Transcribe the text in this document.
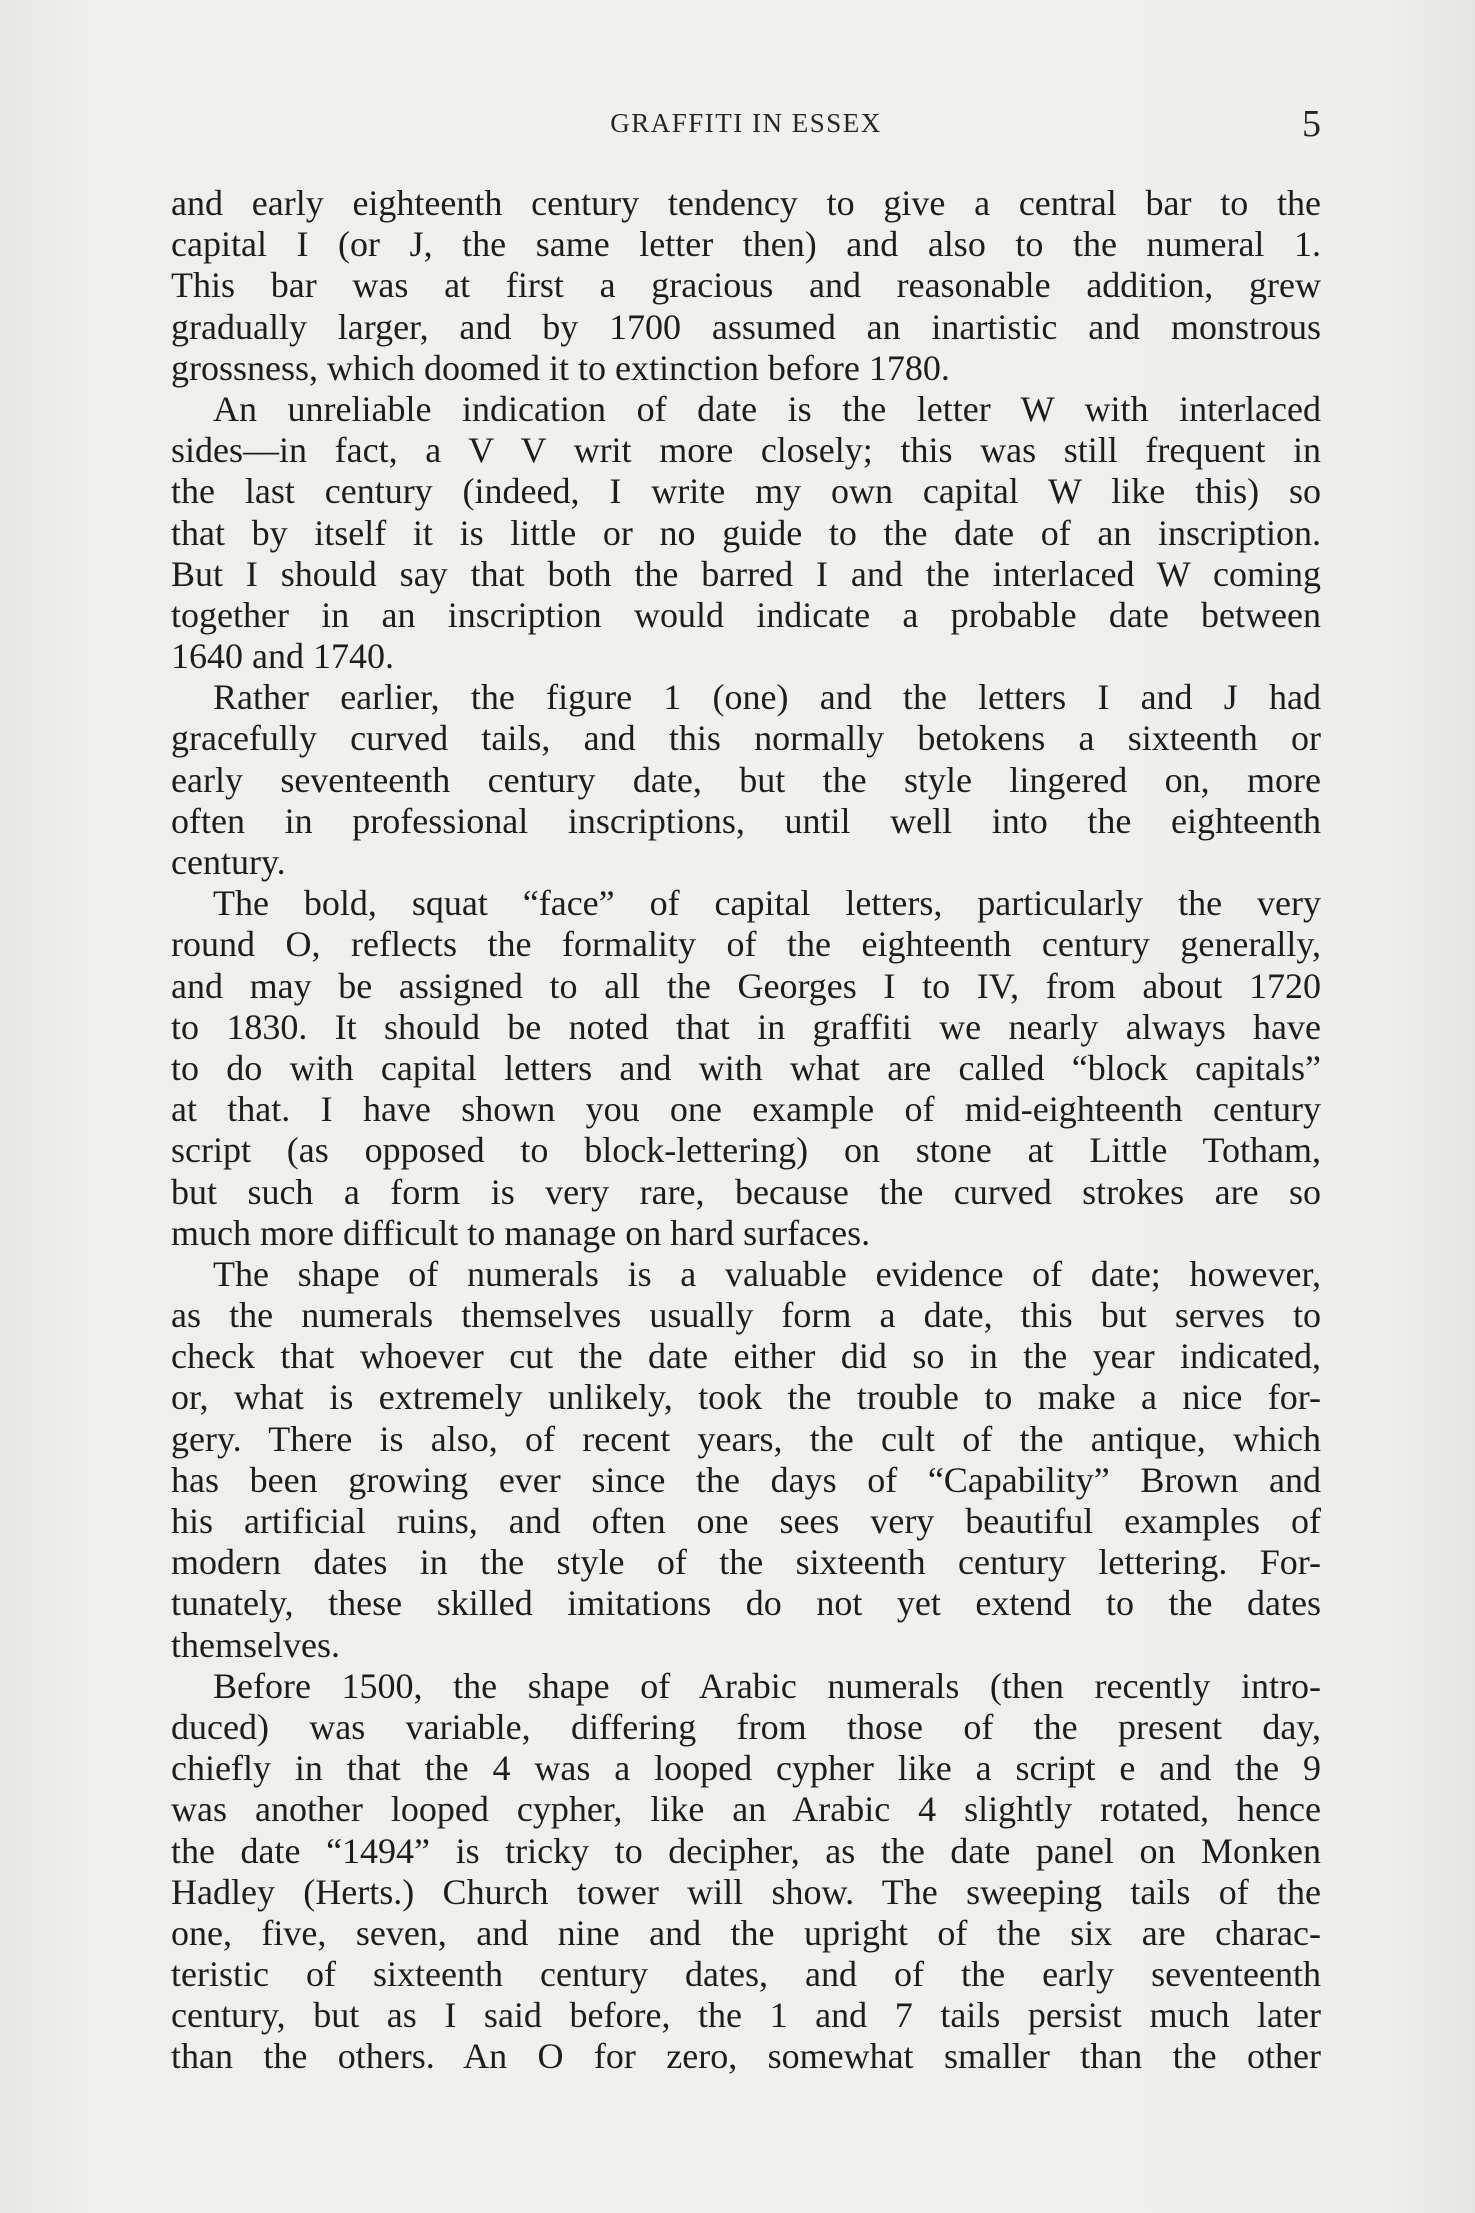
GRAFFITI IN ESSEX	5
and early eighteenth century tendency to give a central bar to the
capital I (or J, the same letter then) and also to the numeral 1.
This bar was at first a gracious and reasonable addition, grew
gradually larger, and by 1700 assumed an inartistic and monstrous
grossness, which doomed it to extinction before 1780.
An unreliable indication of date is the letter W with interlaced
sides—in fact, a V V writ more closely; this was still frequent in
the last century (indeed, I write my own capital W like this) so
that by itself it is little or no guide to the date of an inscription.
But I should say that both the barred I and the interlaced W coming
together in an inscription would indicate a probable date between
1640 and 1740.
Rather earlier, the figure 1 (one) and the letters I and J had
gracefully curved tails, and this normally betokens a sixteenth or
early seventeenth century date, but the style lingered on, more
often in professional inscriptions, until well into the eighteenth
century.
The bold, squat “face” of capital letters, particularly the very
round O, reflects the formality of the eighteenth century generally,
and may be assigned to all the Georges I to IV, from about 1720
to 1830. It should be noted that in graffiti we nearly always have
to do with capital letters and with what are called “block capitals”
at that. I have shown you one example of mid-eighteenth century
script (as opposed to block-lettering) on stone at Little Totham,
but such a form is very rare, because the curved strokes are so
much more difficult to manage on hard surfaces.
The shape of numerals is a valuable evidence of date; however,
as the numerals themselves usually form a date, this but serves to
check that whoever cut the date either did so in the year indicated,
or, what is extremely unlikely, took the trouble to make a nice for-
gery. There is also, of recent years, the cult of the antique, which
has been growing ever since the days of “Capability” Brown and
his artificial ruins, and often one sees very beautiful examples of
modern dates in the style of the sixteenth century lettering. For-
tunately, these skilled imitations do not yet extend to the dates
themselves.
Before 1500, the shape of Arabic numerals (then recently intro-
duced) was variable, differing from those of the present day,
chiefly in that the 4 was a looped cypher like a script e and the 9
was another looped cypher, like an Arabic 4 slightly rotated, hence
the date “1494” is tricky to decipher, as the date panel on Monken
Hadley (Herts.) Church tower will show. The sweeping tails of the
one, five, seven, and nine and the upright of the six are charac-
teristic of sixteenth century dates, and of the early seventeenth
century, but as I said before, the 1 and 7 tails persist much later
than the others. An O for zero, somewhat smaller than the other
